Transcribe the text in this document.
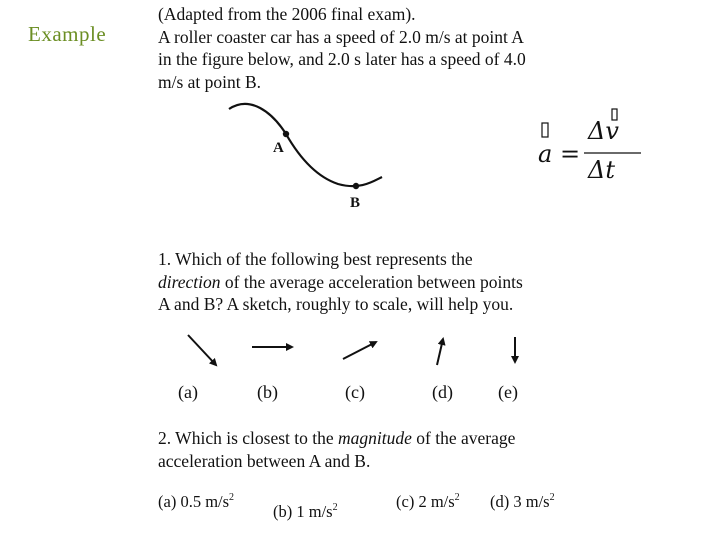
Example
(Adapted from the 2006 final exam).
A roller coaster car has a speed of 2.0 m/s at point A
in the figure below, and 2.0 s later has a speed of 4.0
m/s at point B.
A
B
a =
Δv
Δt
1. Which of the following best represents the
direction of the average acceleration between points
A and B? A sketch, roughly to scale, will help you.
(a)	(b)	(c)	(d)	(e)
2. Which is closest to the magnitude of the average
acceleration between A and B.
(a) 0.5 $m/s^2$
(b) 1 $m/s^2$	(c) 2 $m/s^2$ (d) 3 $m/s^2$
